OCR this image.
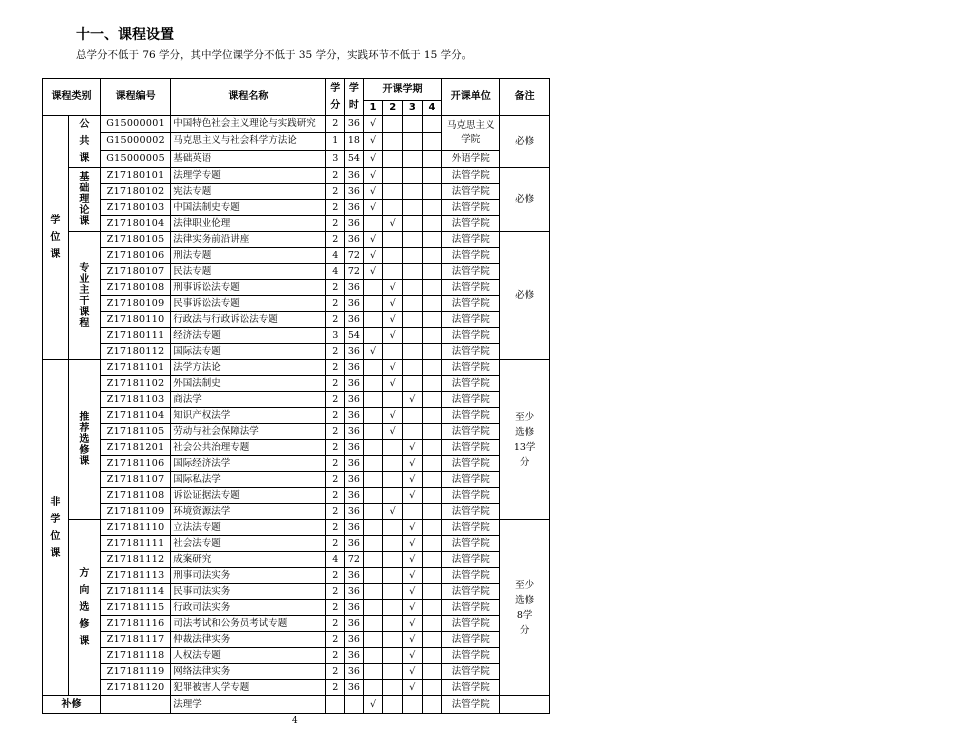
十一、课程设置
总学分不低于 76 学分，其中学位课学分不低于 35 学分，实践环节不低于 15 学分。
课程类别		课程编号	课程名称	学分	学时	开课学期				开课单位	备注
						1	2	3	4		

学位课	公共课	G15000001	中国特色社会主义理论与实践研究	2	36	√				马克思主义学院	必修

		G15000002	马克思主义与社会科学方法论	1	18	√					
		G15000005	基础英语	3	54	√				外语学院	

	基础理论课	Z17180101	法理学专题	2	36	√				法管学院	必修

		Z17180102	宪法专题	2	36	√				法管学院	
		Z17180103	中国法制史专题	2	36	√				法管学院	
		Z17180104	法律职业伦理	2	36		√			法管学院	

	专业主干课程	Z17180105	法律实务前沿讲座	2	36	√				法管学院	必修

		Z17180106	刑法专题	4	72	√				法管学院	
		Z17180107	民法专题	4	72	√				法管学院	
		Z17180108	刑事诉讼法专题	2	36		√			法管学院	
		Z17180109	民事诉讼法专题	2	36		√			法管学院	
		Z17180110	行政法与行政诉讼法专题	2	36		√			法管学院	
		Z17180111	经济法专题	3	54		√			法管学院	
		Z17180112	国际法专题	2	36	√				法管学院	

非学位课	推荐选修课	Z17181101	法学方法论	2	36		√			法管学院	至少选修13学分

		Z17181102	外国法制史	2	36		√			法管学院	
		Z17181103	商法学	2	36			√		法管学院	
		Z17181104	知识产权法学	2	36		√			法管学院	
		Z17181105	劳动与社会保障法学	2	36		√			法管学院	
		Z17181201	社会公共治理专题	2	36			√		法管学院	
		Z17181106	国际经济法学	2	36			√		法管学院	
		Z17181107	国际私法学	2	36			√		法管学院	
		Z17181108	诉讼证据法专题	2	36			√		法管学院	
		Z17181109	环境资源法学	2	36		√			法管学院	

	方向选修课	Z17181110	立法法专题	2	36			√		法管学院	至少选修8学分

		Z17181111	社会法专题	2	36			√		法管学院	
		Z17181112	成案研究	4	72			√		法管学院	
		Z17181113	刑事司法实务	2	36			√		法管学院	
		Z17181114	民事司法实务	2	36			√		法管学院	
		Z17181115	行政司法实务	2	36			√		法管学院	
		Z17181116	司法考试和公务员考试专题	2	36			√		法管学院	
		Z17181117	仲裁法律实务	2	36			√		法管学院	
		Z17181118	人权法专题	2	36			√		法管学院	
		Z17181119	网络法律实务	2	36			√		法管学院	
		Z17181120	犯罪被害人学专题	2	36			√		法管学院	
补修			法理学			√				法管学院	
4
